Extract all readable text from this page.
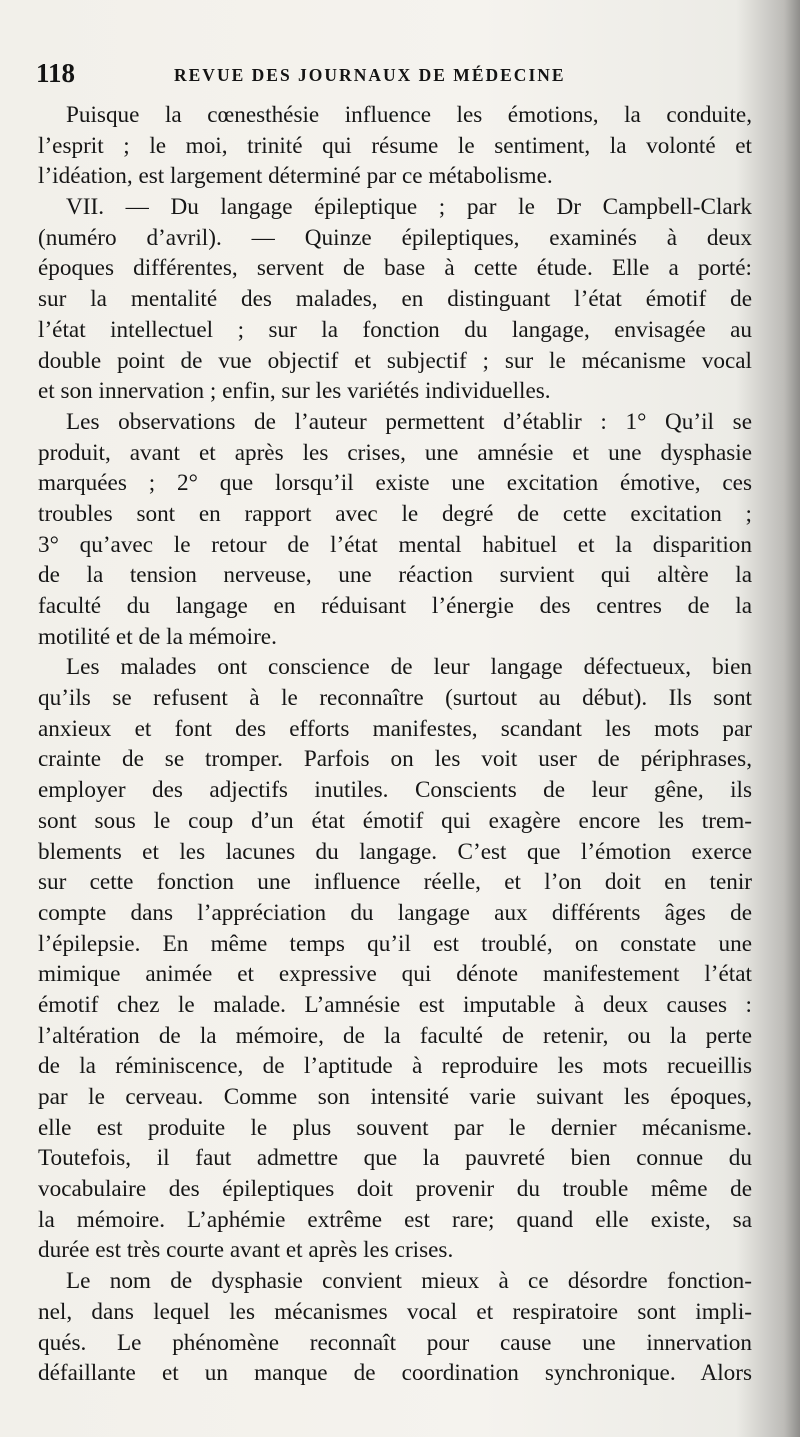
118	REVUE DES JOURNAUX DE MÉDECINE
Puisque la cœnesthésie influence les émotions, la conduite,
l’esprit ; le moi, trinité qui résume le sentiment, la volonté et
l’idéation, est largement déterminé par ce métabolisme.
VII. — Du langage épileptique ; par le Dr Campbell-Clark
(numéro d’avril). — Quinze épileptiques, examinés à deux
époques différentes, servent de base à cette étude. Elle a porté:
sur la mentalité des malades, en distinguant l’état émotif de
l’état intellectuel ; sur la fonction du langage, envisagée au
double point de vue objectif et subjectif ; sur le mécanisme vocal
et son innervation ; enfin, sur les variétés individuelles.
Les observations de l’auteur permettent d’établir : 1° Qu’il se
produit, avant et après les crises, une amnésie et une dysphasie
marquées ; 2° que lorsqu’il existe une excitation émotive, ces
troubles sont en rapport avec le degré de cette excitation ;
3° qu’avec le retour de l’état mental habituel et la disparition
de la tension nerveuse, une réaction survient qui altère la
faculté du langage en réduisant l’énergie des centres de la
motilité et de la mémoire.
Les malades ont conscience de leur langage défectueux, bien
qu’ils se refusent à le reconnaître (surtout au début). Ils sont
anxieux et font des efforts manifestes, scandant les mots par
crainte de se tromper. Parfois on les voit user de périphrases,
employer des adjectifs inutiles. Conscients de leur gêne, ils
sont sous le coup d’un état émotif qui exagère encore les trem-
blements et les lacunes du langage. C’est que l’émotion exerce
sur cette fonction une influence réelle, et l’on doit en tenir
compte dans l’appréciation du langage aux différents âges de
l’épilepsie. En même temps qu’il est troublé, on constate une
mimique animée et expressive qui dénote manifestement l’état
émotif chez le malade. L’amnésie est imputable à deux causes :
l’altération de la mémoire, de la faculté de retenir, ou la perte
de la réminiscence, de l’aptitude à reproduire les mots recueillis
par le cerveau. Comme son intensité varie suivant les époques,
elle est produite le plus souvent par le dernier mécanisme.
Toutefois, il faut admettre que la pauvreté bien connue du
vocabulaire des épileptiques doit provenir du trouble même de
la mémoire. L’aphémie extrême est rare; quand elle existe, sa
durée est très courte avant et après les crises.
Le nom de dysphasie convient mieux à ce désordre fonction-
nel, dans lequel les mécanismes vocal et respiratoire sont impli-
qués. Le phénomène reconnaît pour cause une innervation
défaillante et un manque de coordination synchronique. Alors
